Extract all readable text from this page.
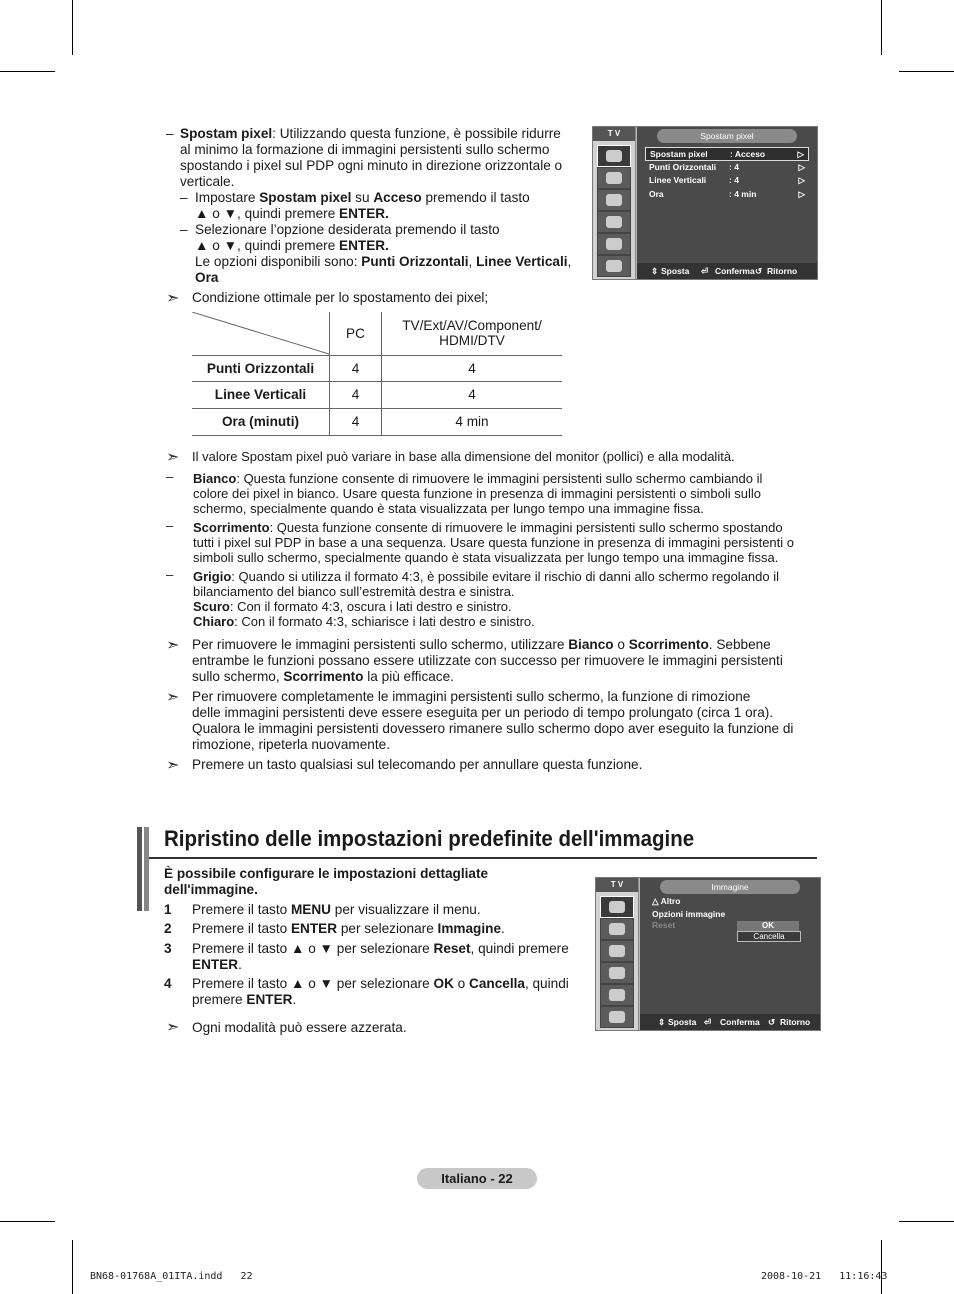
– Spostam pixel: Utilizzando questa funzione, è possibile ridurre
al minimo la formazione di immagini persistenti sullo schermo
spostando i pixel sul PDP ogni minuto in direzione orizzontale o
verticale.
– Impostare Spostam pixel su Acceso premendo il tasto
▲ o ▼, quindi premere ENTER.
– Selezionare l’opzione desiderata premendo il tasto
▲ o ▼, quindi premere ENTER.
Le opzioni disponibili sono: Punti Orizzontali, Linee Verticali,
Ora
T V	Spostam pixel
Spostam pixel	: Acceso	▷
Punti Orizzontali : 4	▷
Linee Verticali	: 4	▷
Ora	: 4 min	▷
⇕ Sposta ⏎ Conferma ↺ Ritorno
➣ Condizione ottimale per lo spostamento dei pixel;
	PC	TV/Ext/AV/Component/
HDMI/DTV
Punti Orizzontali	4	4
Linee Verticali	4	4
Ora (minuti)	4	4 min
➣ Il valore Spostam pixel può variare in base alla dimensione del monitor (pollici) e alla modalità.
–	Bianco: Questa funzione consente di rimuovere le immagini persistenti sullo schermo cambiando il
colore dei pixel in bianco. Usare questa funzione in presenza di immagini persistenti o simboli sullo
schermo, specialmente quando è stata visualizzata per lungo tempo una immagine fissa.
–	Scorrimento: Questa funzione consente di rimuovere le immagini persistenti sullo schermo spostando
tutti i pixel sul PDP in base a una sequenza. Usare questa funzione in presenza di immagini persistenti o
simboli sullo schermo, specialmente quando è stata visualizzata per lungo tempo una immagine fissa.
–	Grigio: Quando si utilizza il formato 4:3, è possibile evitare il rischio di danni allo schermo regolando il
bilanciamento del bianco sull’estremità destra e sinistra.
Scuro: Con il formato 4:3, oscura i lati destro e sinistro.
Chiaro: Con il formato 4:3, schiarisce i lati destro e sinistro.
➣ Per rimuovere le immagini persistenti sullo schermo, utilizzare Bianco o Scorrimento. Sebbene
entrambe le funzioni possano essere utilizzate con successo per rimuovere le immagini persistenti
sullo schermo, Scorrimento la più efficace.
➣ Per rimuovere completamente le immagini persistenti sullo schermo, la funzione di rimozione
delle immagini persistenti deve essere eseguita per un periodo di tempo prolungato (circa 1 ora).
Qualora le immagini persistenti dovessero rimanere sullo schermo dopo aver eseguito la funzione di
rimozione, ripeterla nuovamente.
➣ Premere un tasto qualsiasi sul telecomando per annullare questa funzione.
Ripristino delle impostazioni predefinite dell'immagine
È possibile configurare le impostazioni dettagliate
dell'immagine.
1 Premere il tasto MENU per visualizzare il menu.
2 Premere il tasto ENTER per selezionare Immagine.
3 Premere il tasto ▲ o ▼ per selezionare Reset, quindi premere
ENTER.
4 Premere il tasto ▲ o ▼ per selezionare OK o Cancella, quindi
premere ENTER.
➣ Ogni modalità può essere azzerata.
T V	Immagine
△ Altro
Opzioni immagine
Reset	OK
Cancella
⇕ Sposta ⏎ Conferma ↺ Ritorno
Italiano - 22
BN68-01768A_01ITA.indd   22	2008-10-21   11:16:43
